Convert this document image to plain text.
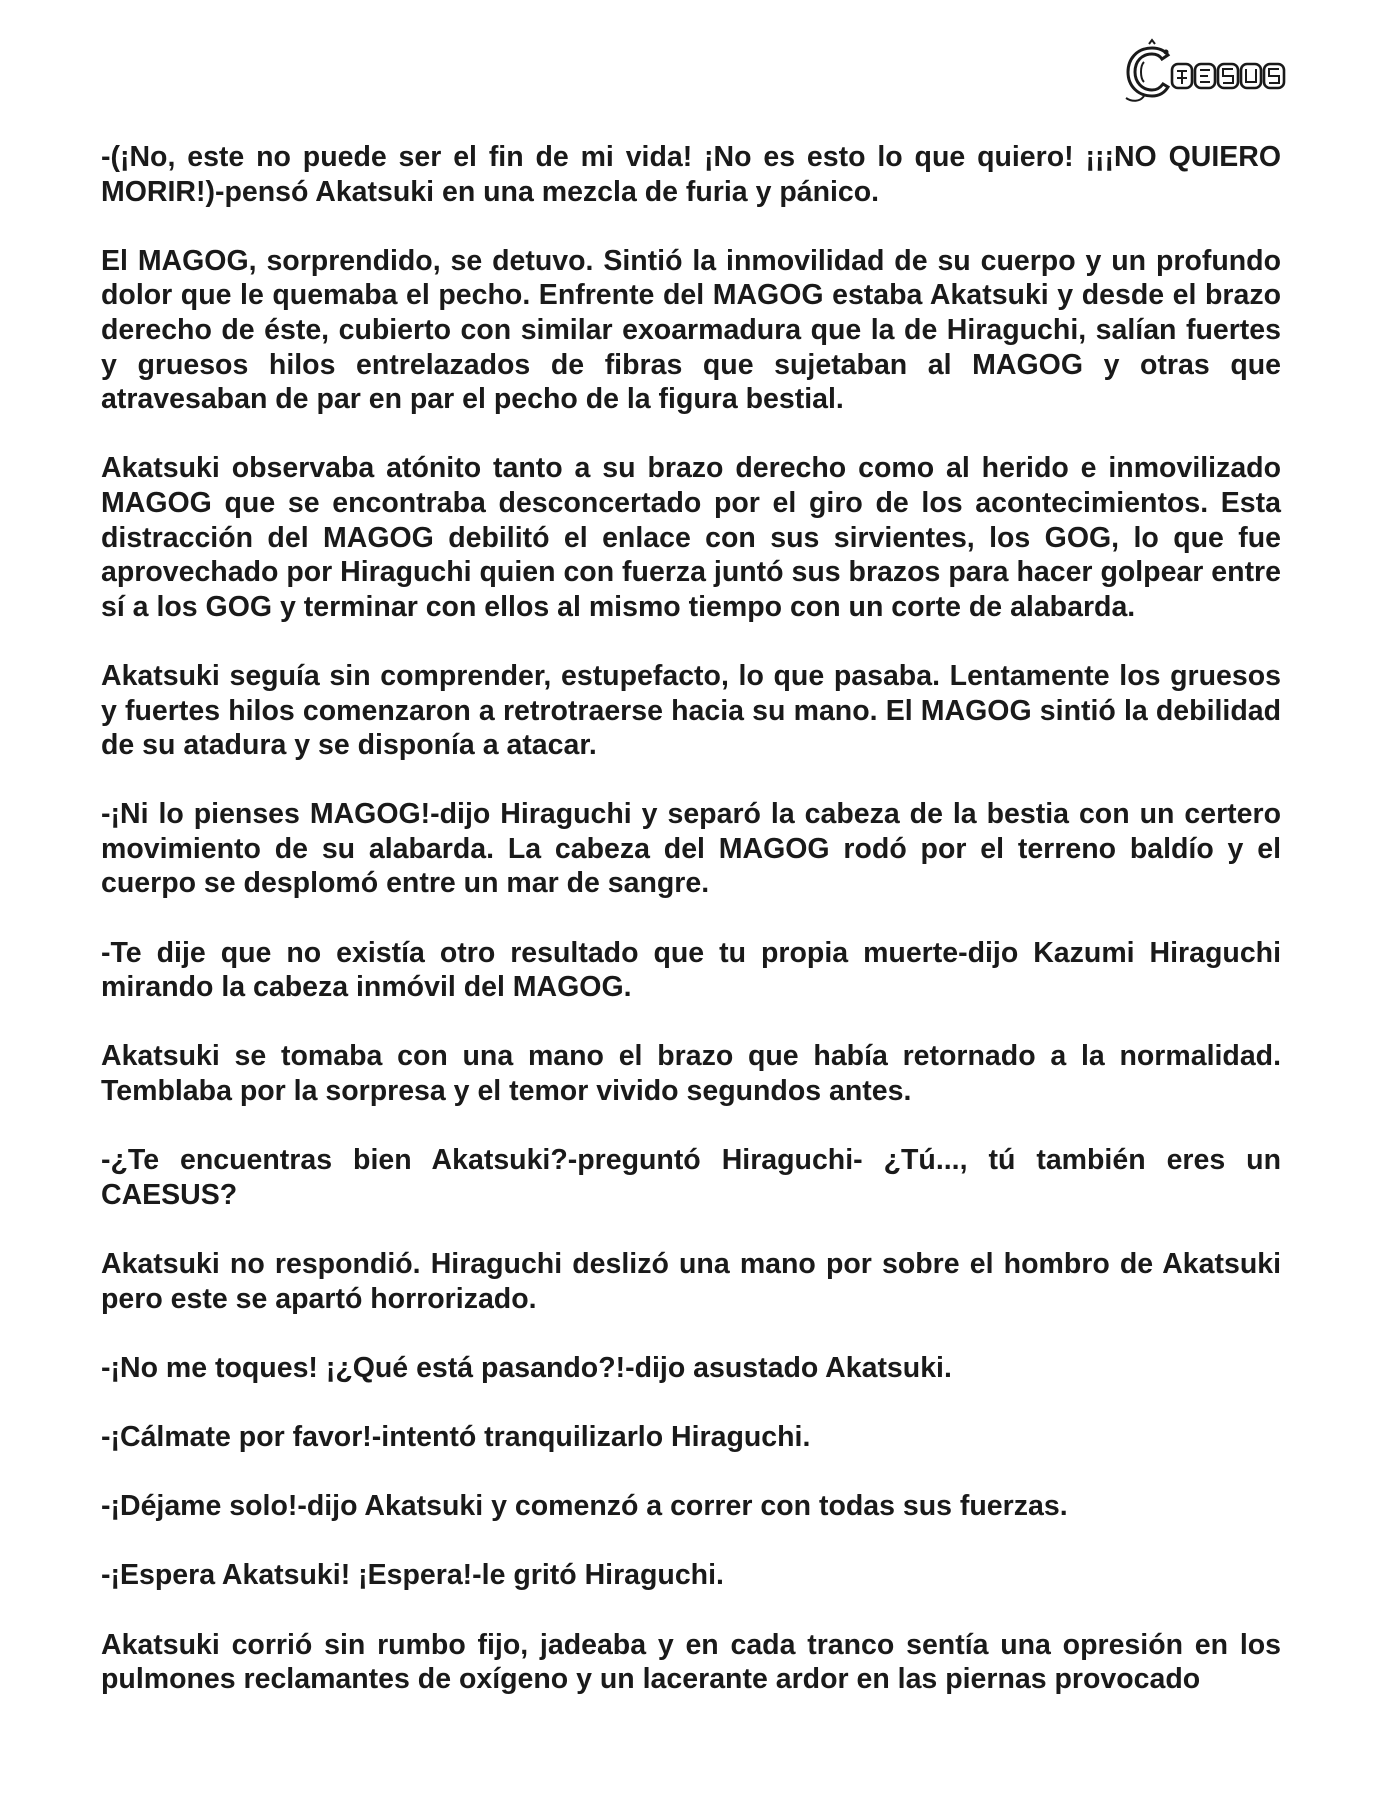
-(¡No, este no puede ser el fin de mi vida! ¡No es esto lo que quiero! ¡¡¡NO QUIERO MORIR!)-pensó Akatsuki en una mezcla de furia y pánico.

El MAGOG, sorprendido, se detuvo. Sintió la inmovilidad de su cuerpo y un profundo dolor que le quemaba el pecho. Enfrente del MAGOG estaba Akatsuki y desde el brazo derecho de éste, cubierto con similar exoarmadura que la de Hiraguchi, salían fuertes y gruesos hilos entrelazados de fibras que sujetaban al MAGOG y otras que atravesaban de par en par el pecho de la figura bestial.

Akatsuki observaba atónito tanto a su brazo derecho como al herido e inmovilizado MAGOG que se encontraba desconcertado por el giro de los acontecimientos. Esta distracción del MAGOG debilitó el enlace con sus sirvientes, los GOG, lo que fue aprovechado por Hiraguchi quien con fuerza juntó sus brazos para hacer golpear entre sí a los GOG y terminar con ellos al mismo tiempo con un corte de alabarda.

Akatsuki seguía sin comprender, estupefacto, lo que pasaba. Lentamente los gruesos y fuertes hilos comenzaron a retrotraerse hacia su mano. El MAGOG sintió la debilidad de su atadura y se disponía a atacar.

-¡Ni lo pienses MAGOG!-dijo Hiraguchi y separó la cabeza de la bestia con un certero movimiento de su alabarda. La cabeza del MAGOG rodó por el terreno baldío y el cuerpo se desplomó entre un mar de sangre.

-Te dije que no existía otro resultado que tu propia muerte-dijo Kazumi Hiraguchi mirando la cabeza inmóvil del MAGOG.

Akatsuki se tomaba con una mano el brazo que había retornado a la normalidad. Temblaba por la sorpresa y el temor vivido segundos antes.

-¿Te encuentras bien Akatsuki?-preguntó Hiraguchi- ¿Tú..., tú también eres un CAESUS?

Akatsuki no respondió. Hiraguchi deslizó una mano por sobre el hombro de Akatsuki pero este se apartó horrorizado.

-¡No me toques! ¡¿Qué está pasando?!-dijo asustado Akatsuki.

-¡Cálmate por favor!-intentó tranquilizarlo Hiraguchi.

-¡Déjame solo!-dijo Akatsuki y comenzó a correr con todas sus fuerzas.

-¡Espera Akatsuki! ¡Espera!-le gritó Hiraguchi.

Akatsuki corrió sin rumbo fijo, jadeaba y en cada tranco sentía una opresión en los pulmones reclamantes de oxígeno y un lacerante ardor en las piernas provocado
